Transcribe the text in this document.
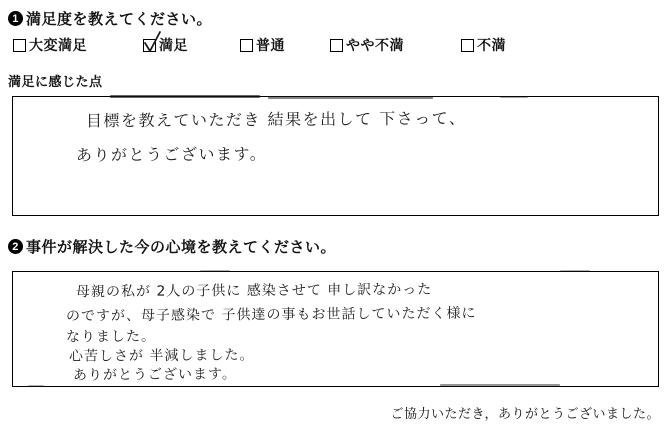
1 満足度を教えてください。
大変満足	満足	普通	やや不満	不満
満足に感じた点
目標を教えていただき 結果を出して 下さって、
ありがとうございます。
2 事件が解決した今の心境を教えてください。
母親の私が 2人の子供に 感染させて 申し訳なかった
のですが、母子感染で 子供達の事もお世話していただく様に
なりました。
心苦しさが 半減しました。
ありがとうございます。
ご協力いただき，ありがとうございました。
